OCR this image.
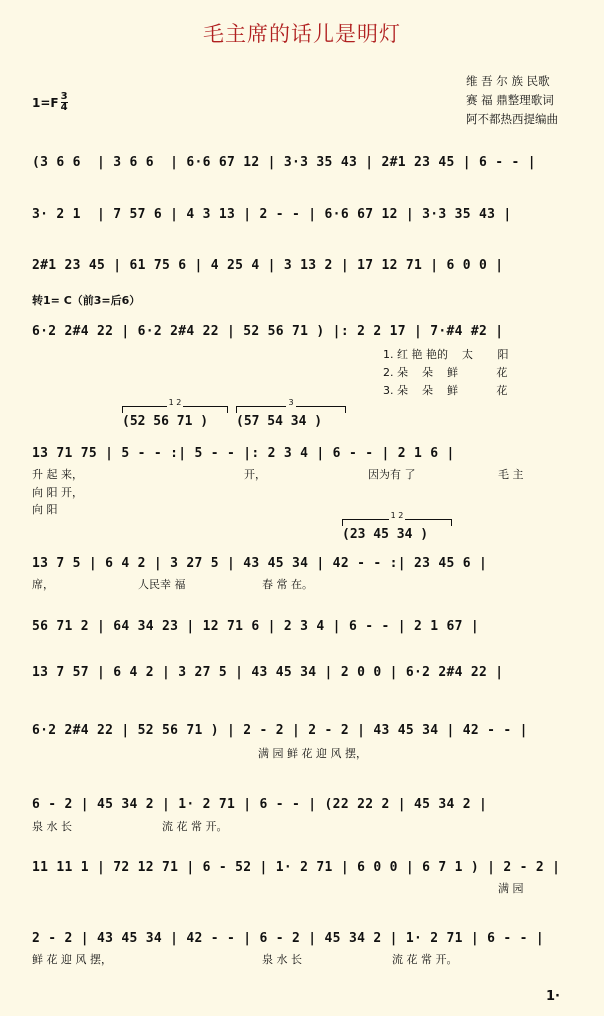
毛主席的话儿是明灯
维 吾 尔 族 民歌
赛 福 鼎整理歌词
阿不都热西提编曲
$1=F \frac{3}{4}$
(3 6 6  | 3 6 6  | 6·6 67 12 | 3·3 35 43 | 2#1 23 45 | 6 - - |
3· 2 1  | 7 57 6 | 4 3 13 | 2 - - | 6·6 67 12 | 3·3 35 43 |
2#1 23 45 | 61 75 6 | 4 25 4 | 3 13 2 | 17 12 71 | 6 0 0 |
转1= C（前3=后6）
6·2 2#4 22 | 6·2 2#4 22 | 52 56 71 ) |: 2 2 17 | 7·#4 #2 |
1. 红 艳 艳的    太       阳
2. 朵    朵    鲜           花
3. 朵    朵    鲜           花
1 2	3
(52 56 71 ) (57 54 34 )
13 71 75 | 5 - - :| 5 - - |: 2 3 4 | 6 - - | 2 1 6 |
升 起 来，	开，	因为有 了	毛 主
向 阳 开，
向 阳	1 2
(23 45 34 )
13 7 5 | 6 4 2 | 3 27 5 | 43 45 34 | 42 - - :| 23 45 6 |
席，	人民幸 福	春 常 在。
56 71 2 | 64 34 23 | 12 71 6 | 2 3 4 | 6 - - | 2 1 67 |
13 7 57 | 6 4 2 | 3 27 5 | 43 45 34 | 2 0 0 | 6·2 2#4 22 |
6·2 2#4 22 | 52 56 71 ) | 2 - 2 | 2 - 2 | 43 45 34 | 42 - - |
满 园 鲜 花 迎 风 摆，
6 - 2 | 45 34 2 | 1· 2 71 | 6 - - | (22 22 2 | 45 34 2 |
泉 水 长	流 花 常 开。
11 11 1 | 72 12 71 | 6 - 52 | 1· 2 71 | 6 0 0 | 6 7 1 ) | 2 - 2 |
满 园
2 - 2 | 43 45 34 | 42 - - | 6 - 2 | 45 34 2 | 1· 2 71 | 6 - - |
鲜 花 迎 风 摆，	泉 水 长	流 花 常 开。
1·
